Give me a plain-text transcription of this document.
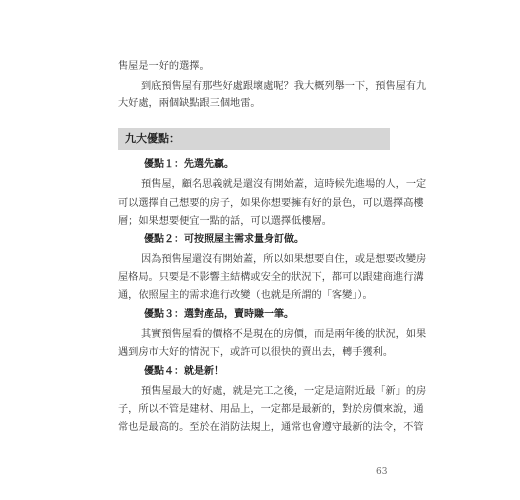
售屋是一好的選擇。

到底預售屋有那些好處跟壞處呢？我大概列舉一下，預售屋有九

大好處，兩個缺點跟三個地雷。

九大優點：
優點１：先選先贏。

預售屋，顧名思義就是還沒有開始蓋，這時候先進場的人，一定

可以選擇自己想要的房子，如果你想要擁有好的景色，可以選擇高樓

層；如果想要便宜一點的話，可以選擇低樓層。

優點２：可按照屋主需求量身訂做。

因為預售屋還沒有開始蓋，所以如果想要自住，或是想要改變房

屋格局。只要是不影響主結構或安全的狀況下，都可以跟建商進行溝

通，依照屋主的需求進行改變（也就是所謂的「客變」）。

優點３：選對產品，賣時賺一筆。

其實預售屋看的價格不是現在的房價，而是兩年後的狀況，如果

遇到房市大好的情況下，或許可以很快的賣出去，轉手獲利。

優點４：就是新！

預售屋最大的好處，就是完工之後，一定是這附近最「新」的房

子，所以不管是建材、用品上，一定都是最新的，對於房價來說，通

常也是最高的。至於在消防法規上，通常也會遵守最新的法令，不管

63
